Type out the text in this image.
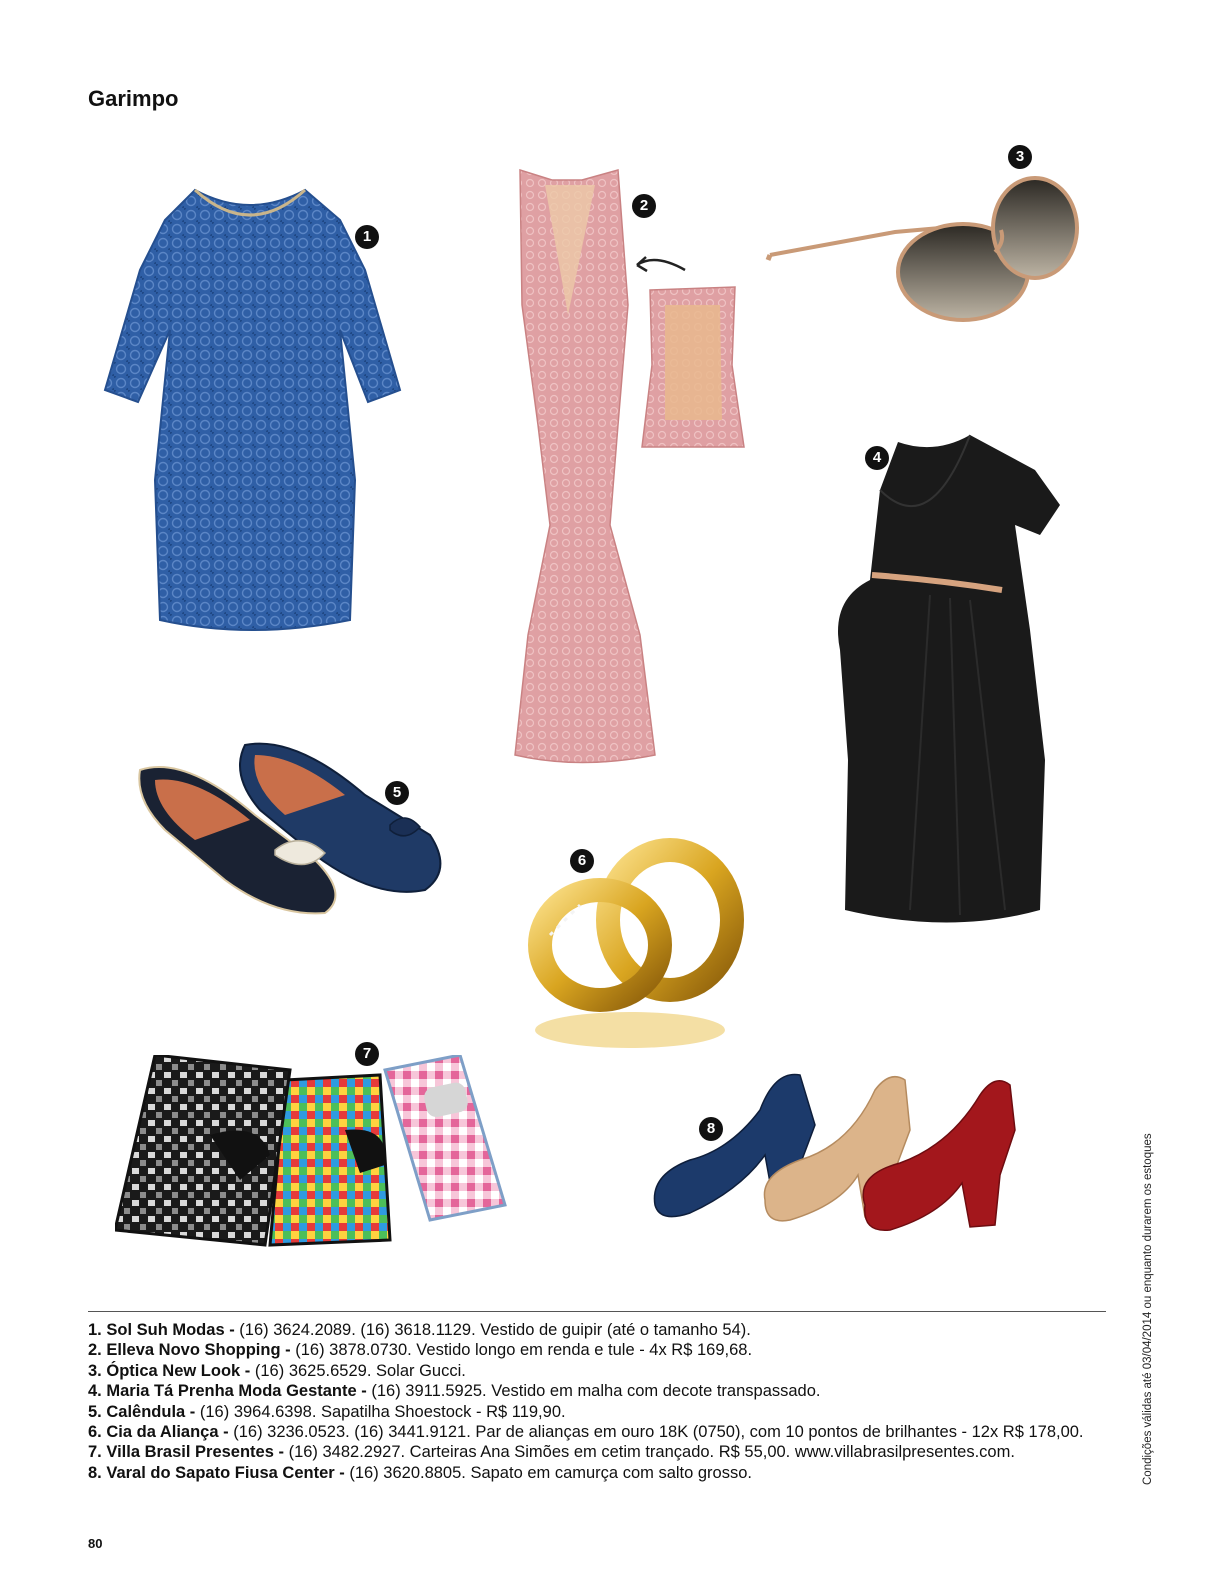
Garimpo
1
2
3
4
5
6
7
8
1. Sol Suh Modas - (16) 3624.2089. (16) 3618.1129. Vestido de guipir (até o tamanho 54).
2. Elleva Novo Shopping - (16) 3878.0730. Vestido longo em renda e tule - 4x R$ 169,68.
3. Óptica New Look - (16) 3625.6529. Solar Gucci.
4. Maria Tá Prenha Moda Gestante - (16) 3911.5925. Vestido em malha com decote transpassado.
5. Calêndula - (16) 3964.6398. Sapatilha Shoestock - R$ 119,90.
6. Cia da Aliança - (16) 3236.0523. (16) 3441.9121. Par de alianças em ouro 18K (0750), com 10 pontos de brilhantes - 12x R$ 178,00.
7. Villa Brasil Presentes - (16) 3482.2927. Carteiras Ana Simões em cetim trançado. R$ 55,00. www.villabrasilpresentes.com.
8. Varal do Sapato Fiusa Center - (16) 3620.8805. Sapato em camurça com salto grosso.	Condições válidas até 03/04/2014 ou enquanto durarem os estoques
80
